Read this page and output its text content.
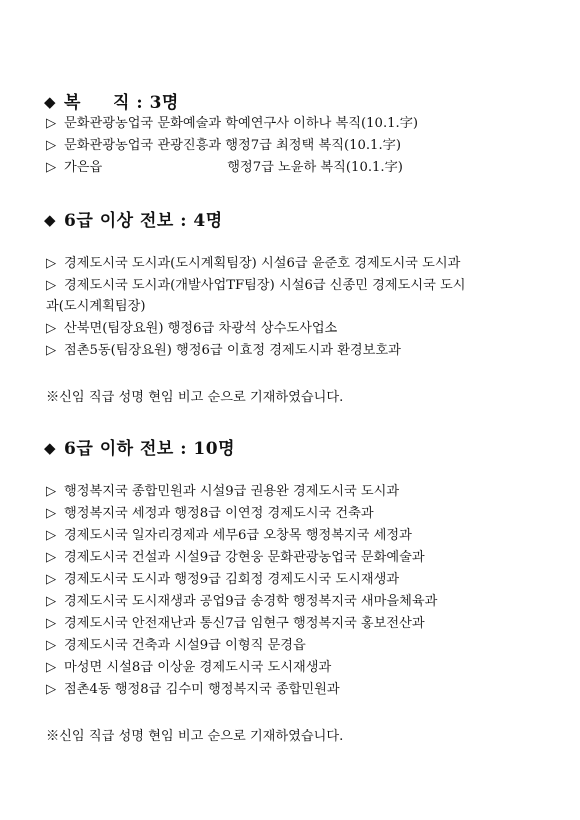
◆ 복     직 : 3명
▷ 문화관광농업국 문화예술과 학예연구사 이하나 복직(10.1.字)
▷ 문화관광농업국 관광진흥과 행정7급 최정택 복직(10.1.字)
▷ 가은읍	행정7급 노윤하 복직(10.1.字)
◆ 6급 이상 전보 : 4명
▷ 경제도시국 도시과(도시계획팀장) 시설6급 윤준호 경제도시국 도시과
▷ 경제도시국 도시과(개발사업TF팀장) 시설6급 신종민 경제도시국 도시
과(도시계획팀장)
▷ 산북면(팀장요원) 행정6급 차광석 상수도사업소
▷ 점촌5동(팀장요원) 행정6급 이효정 경제도시과 환경보호과
※신임 직급 성명 현임 비고 순으로 기재하였습니다.
◆ 6급 이하 전보 : 10명
▷ 행정복지국 종합민원과 시설9급 권용완 경제도시국 도시과
▷ 행정복지국 세정과 행정8급 이연정 경제도시국 건축과
▷ 경제도시국 일자리경제과 세무6급 오창목 행정복지국 세정과
▷ 경제도시국 건설과 시설9급 강현웅 문화관광농업국 문화예술과
▷ 경제도시국 도시과 행정9급 김회정 경제도시국 도시재생과
▷ 경제도시국 도시재생과 공업9급 송경학 행정복지국 새마을체육과
▷ 경제도시국 안전재난과 통신7급 임현구 행정복지국 홍보전산과
▷ 경제도시국 건축과 시설9급 이형직 문경읍
▷ 마성면 시설8급 이상윤 경제도시국 도시재생과
▷ 점촌4동 행정8급 김수미 행정복지국 종합민원과
※신임 직급 성명 현임 비고 순으로 기재하였습니다.
